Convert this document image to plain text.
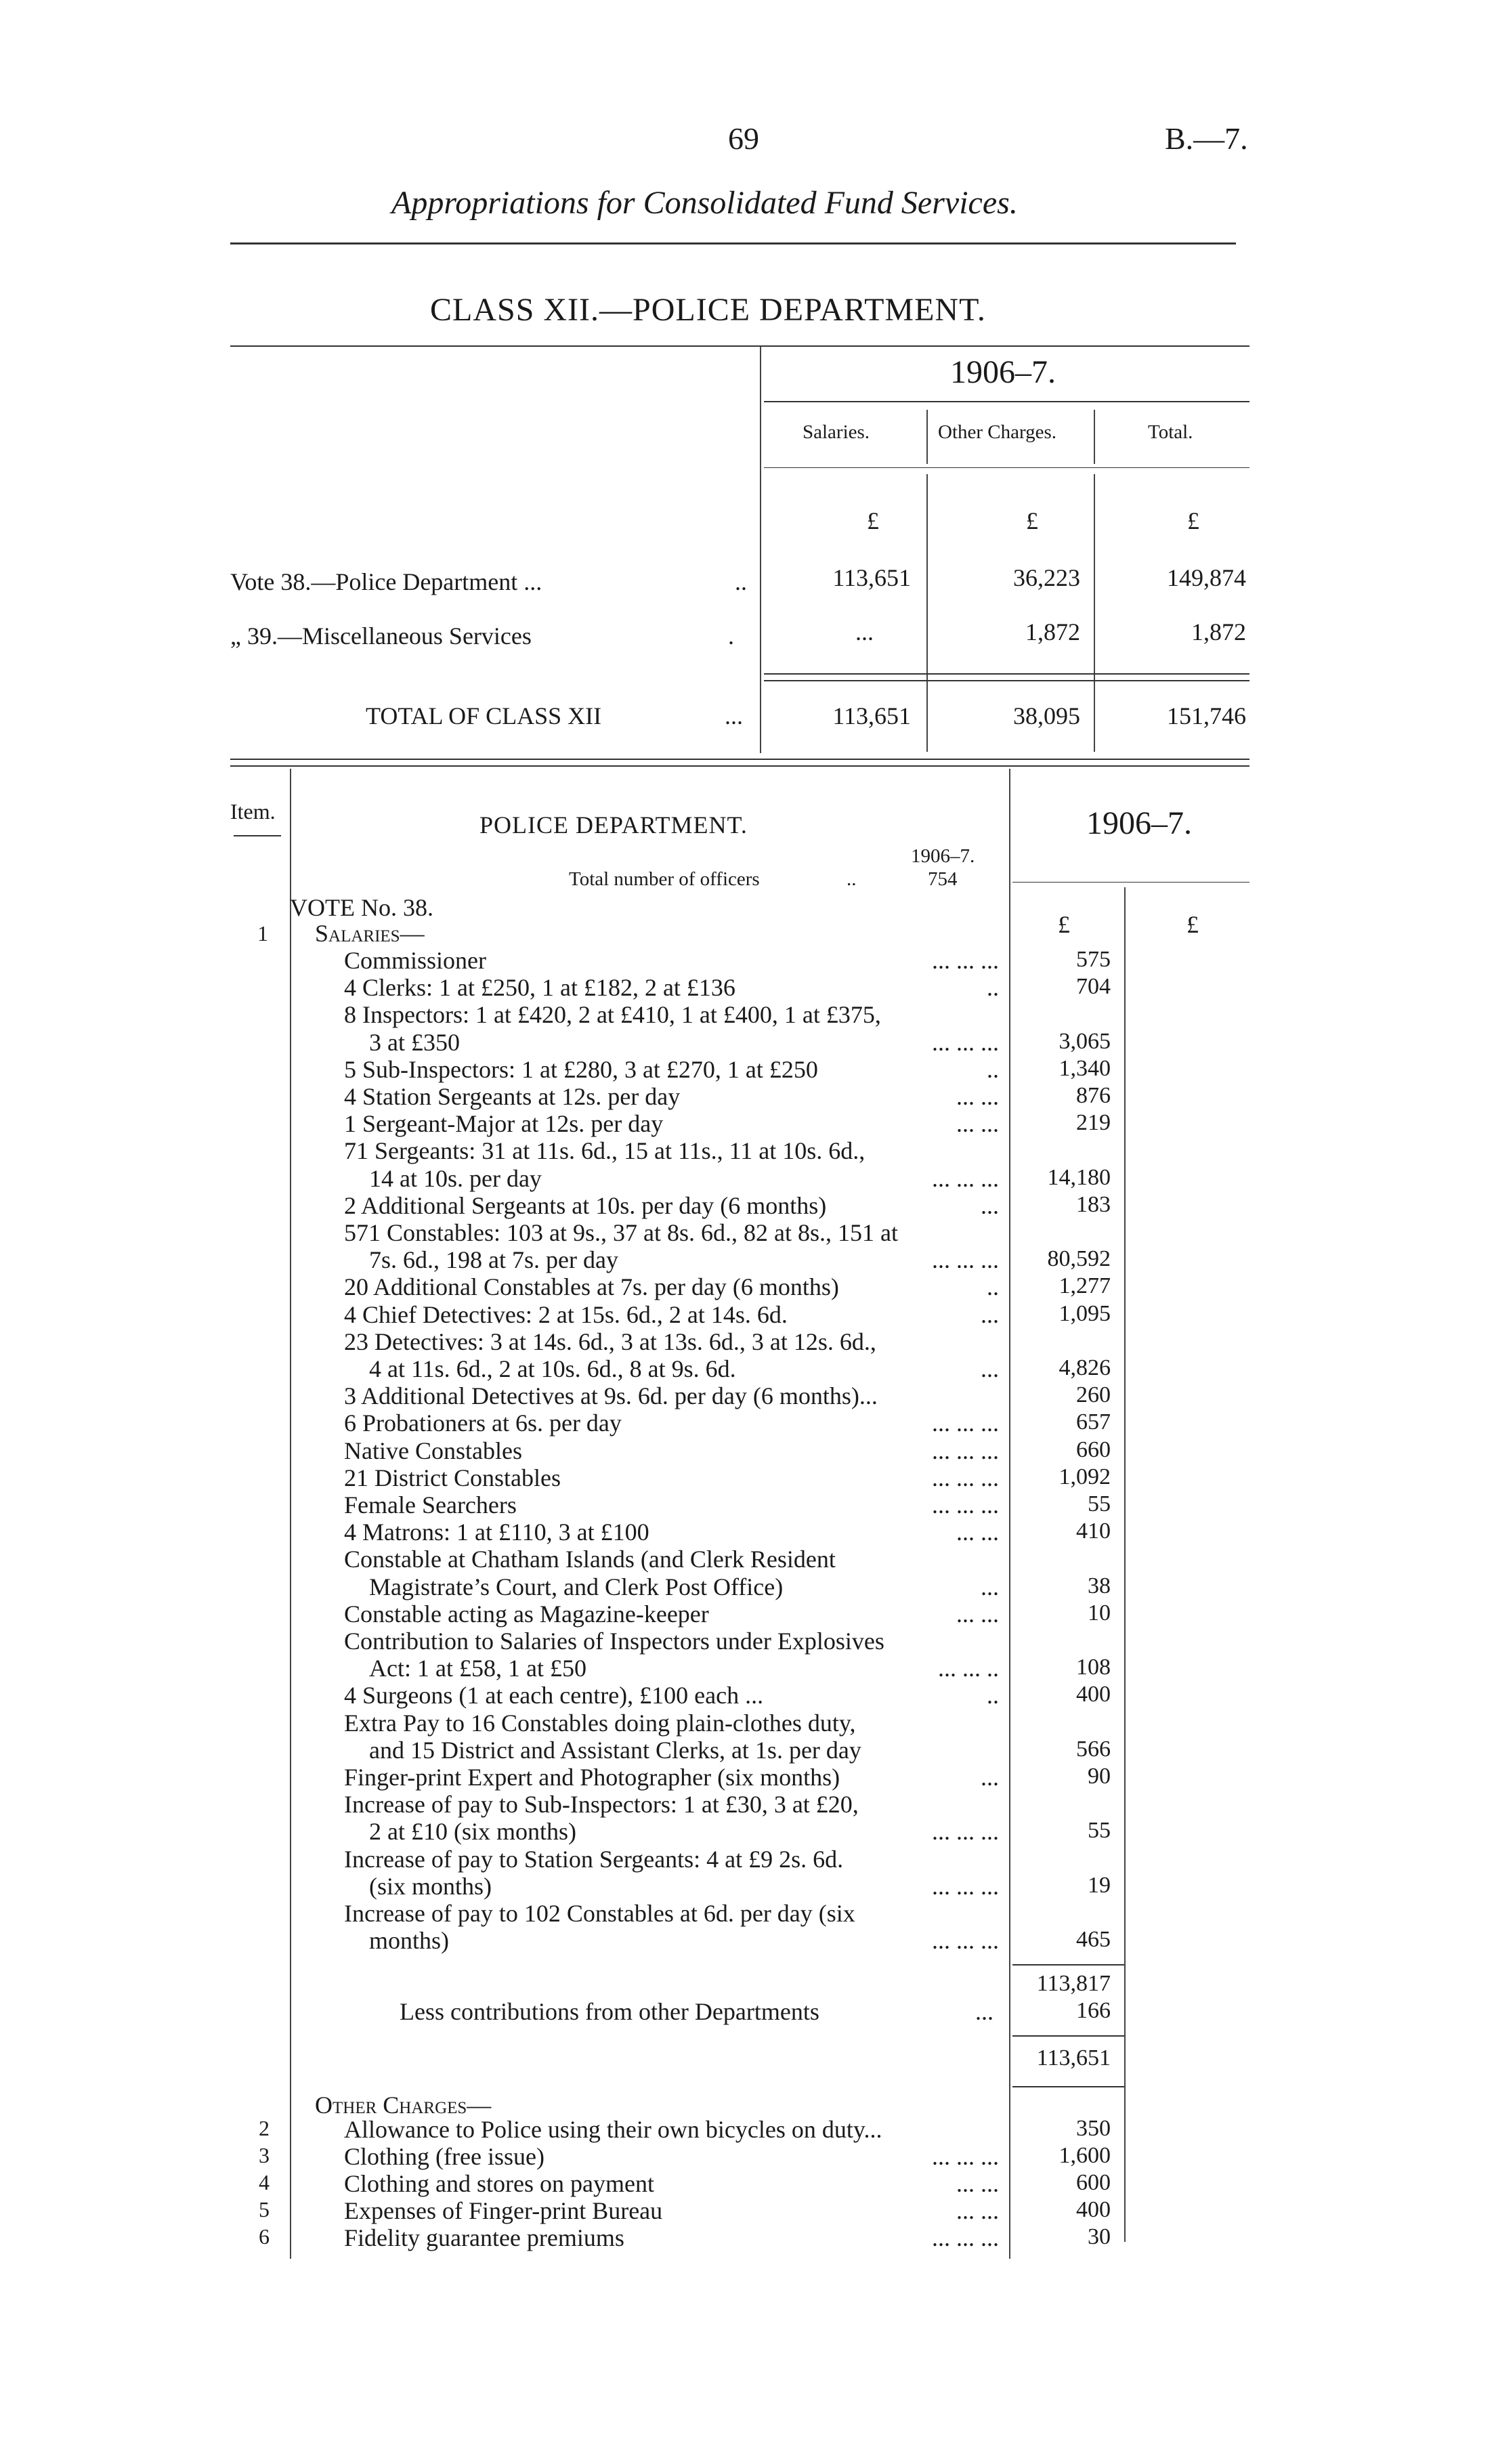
69	B.—7.
Appropriations for Consolidated Fund Services.
CLASS XII.—POLICE DEPARTMENT.
1906–7.
Salaries.	Other Charges.	Total.
£	£	£
Vote 38.—Police Department ...	..	113,651	36,223	149,874
„ 39.—Miscellaneous Services	.	...	1,872	1,872
TOTAL OF CLASS XII	...	113,651	38,095	151,746
Item.	POLICE DEPARTMENT.	1906–7.
1906–7.
Total number of officers	..	754
VOTE No. 38.
£	£
1 Salaries—
Commissioner	... ... ...	575
4 Clerks: 1 at £250, 1 at £182, 2 at £136	..	704
8 Inspectors: 1 at £420, 2 at £410, 1 at £400, 1 at £375,
3 at £350	... ... ...	3,065
5 Sub-Inspectors: 1 at £280, 3 at £270, 1 at £250	..	1,340
4 Station Sergeants at 12s. per day	... ...	876
1 Sergeant-Major at 12s. per day	... ...	219
71 Sergeants: 31 at 11s. 6d., 15 at 11s., 11 at 10s. 6d.,
14 at 10s. per day	... ... ...	14,180
2 Additional Sergeants at 10s. per day (6 months)	...	183
571 Constables: 103 at 9s., 37 at 8s. 6d., 82 at 8s., 151 at
7s. 6d., 198 at 7s. per day	... ... ...	80,592
20 Additional Constables at 7s. per day (6 months)	..	1,277
4 Chief Detectives: 2 at 15s. 6d., 2 at 14s. 6d.	...	1,095
23 Detectives: 3 at 14s. 6d., 3 at 13s. 6d., 3 at 12s. 6d.,
4 at 11s. 6d., 2 at 10s. 6d., 8 at 9s. 6d.	...	4,826
3 Additional Detectives at 9s. 6d. per day (6 months)...	260
6 Probationers at 6s. per day	... ... ...	657
Native Constables	... ... ...	660
21 District Constables	... ... ...	1,092
Female Searchers	... ... ...	55
4 Matrons: 1 at £110, 3 at £100	... ...	410
Constable at Chatham Islands (and Clerk Resident
Magistrate’s Court, and Clerk Post Office)	...	38
Constable acting as Magazine-keeper	... ...	10
Contribution to Salaries of Inspectors under Explosives
Act: 1 at £58, 1 at £50	... ... ..	108
4 Surgeons (1 at each centre), £100 each ...	..	400
Extra Pay to 16 Constables doing plain-clothes duty,
and 15 District and Assistant Clerks, at 1s. per day	566
Finger-print Expert and Photographer (six months)	...	90
Increase of pay to Sub-Inspectors: 1 at £30, 3 at £20,
2 at £10 (six months)	... ... ...	55
Increase of pay to Station Sergeants: 4 at £9 2s. 6d.
(six months)	... ... ...	19
Increase of pay to 102 Constables at 6d. per day (six
months)	... ... ...	465
113,817
Less contributions from other Departments	...	166
113,651
Other Charges—
2	Allowance to Police using their own bicycles on duty...	350
3	Clothing (free issue)	... ... ...	1,600
4	Clothing and stores on payment	... ...	600
5	Expenses of Finger-print Bureau	... ...	400
6	Fidelity guarantee premiums	... ... ...	30
